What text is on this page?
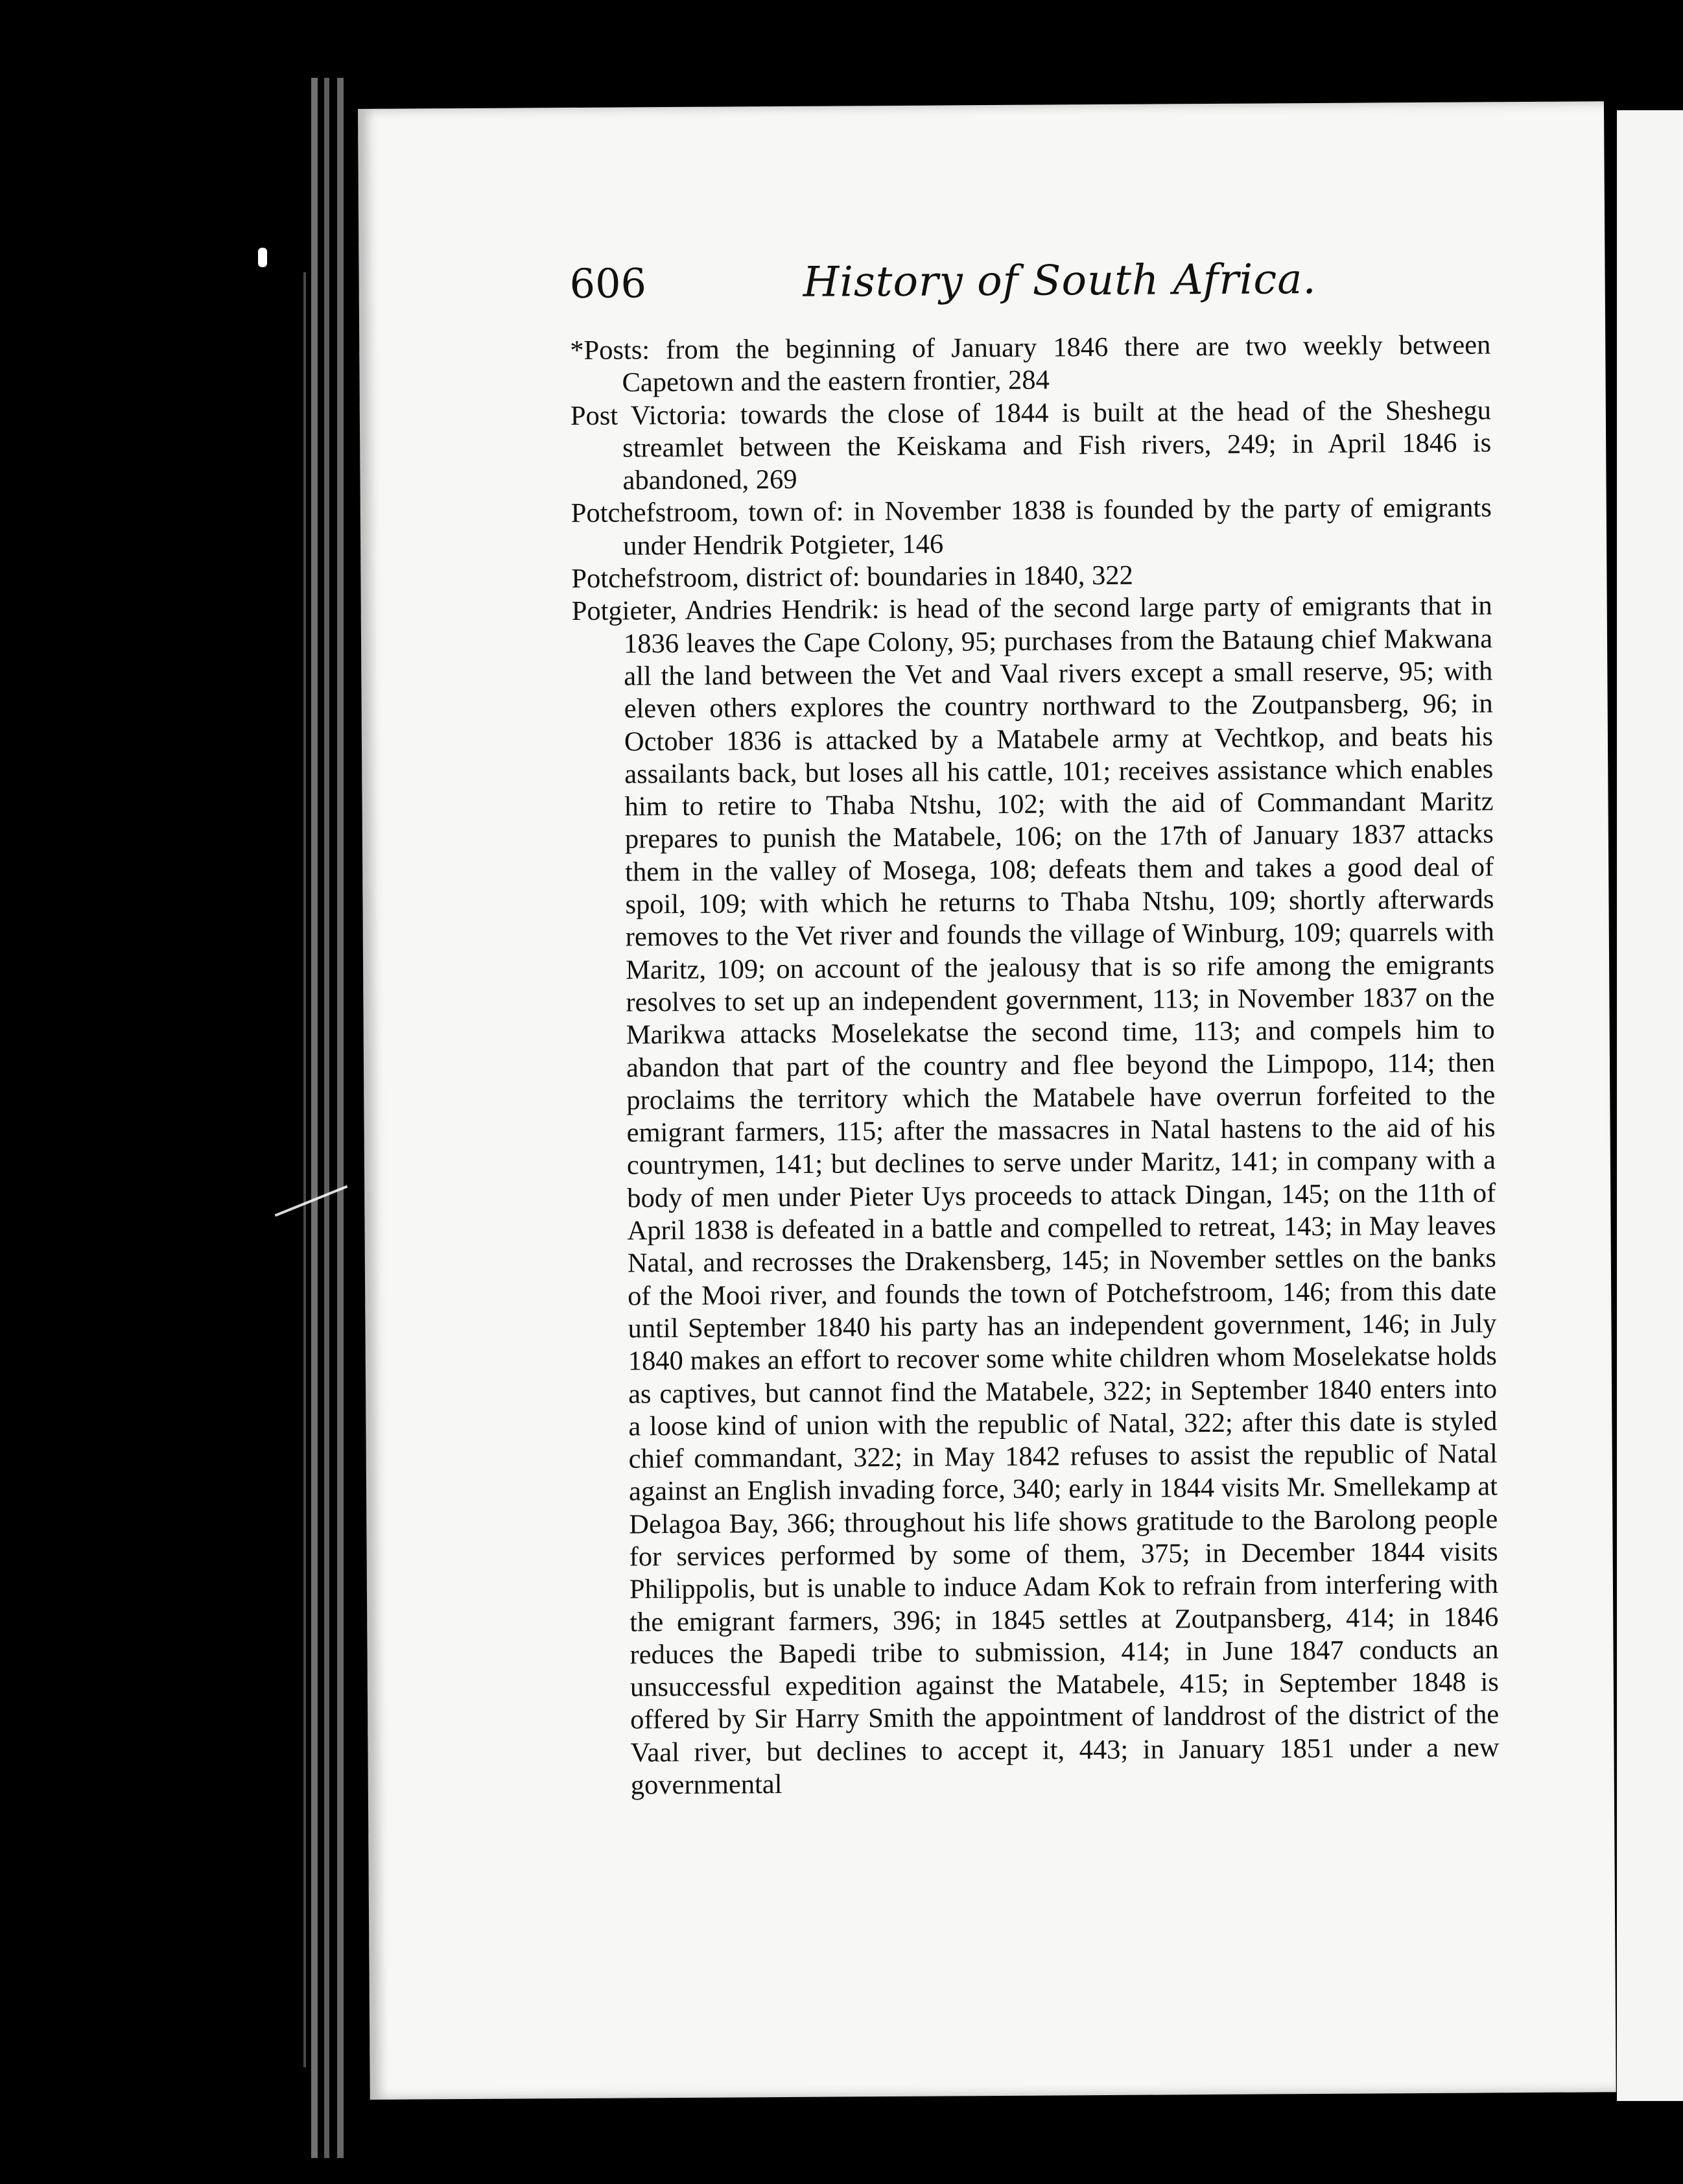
606	History of South Africa.

*Posts: from the beginning of January 1846 there are two weekly between Capetown and the eastern frontier, 284

Post Victoria: towards the close of 1844 is built at the head of the Sheshegu streamlet between the Keiskama and Fish rivers, 249; in April 1846 is abandoned, 269

Potchefstroom, town of: in November 1838 is founded by the party of emigrants under Hendrik Potgieter, 146

Potchefstroom, district of: boundaries in 1840, 322

Potgieter, Andries Hendrik: is head of the second large party of emigrants that in 1836 leaves the Cape Colony, 95; purchases from the Bataung chief Makwana all the land between the Vet and Vaal rivers except a small reserve, 95; with eleven others explores the country northward to the Zoutpansberg, 96; in October 1836 is attacked by a Matabele army at Vechtkop, and beats his assailants back, but loses all his cattle, 101; receives assistance which enables him to retire to Thaba Ntshu, 102; with the aid of Commandant Maritz prepares to punish the Matabele, 106; on the 17th of January 1837 attacks them in the valley of Mosega, 108; defeats them and takes a good deal of spoil, 109; with which he returns to Thaba Ntshu, 109; shortly afterwards removes to the Vet river and founds the village of Winburg, 109; quarrels with Maritz, 109; on account of the jealousy that is so rife among the emigrants resolves to set up an independent government, 113; in November 1837 on the Marikwa attacks Moselekatse the second time, 113; and compels him to abandon that part of the country and flee beyond the Limpopo, 114; then proclaims the territory which the Matabele have overrun forfeited to the emigrant farmers, 115; after the massacres in Natal hastens to the aid of his countrymen, 141; but declines to serve under Maritz, 141; in company with a body of men under Pieter Uys proceeds to attack Dingan, 145; on the 11th of April 1838 is defeated in a battle and compelled to retreat, 143; in May leaves Natal, and recrosses the Drakensberg, 145; in November settles on the banks of the Mooi river, and founds the town of Potchefstroom, 146; from this date until September 1840 his party has an independent government, 146; in July 1840 makes an effort to recover some white children whom Moselekatse holds as captives, but cannot find the Matabele, 322; in September 1840 enters into a loose kind of union with the republic of Natal, 322; after this date is styled chief commandant, 322; in May 1842 refuses to assist the republic of Natal against an English invading force, 340; early in 1844 visits Mr. Smellekamp at Delagoa Bay, 366; throughout his life shows gratitude to the Barolong people for services performed by some of them, 375; in December 1844 visits Philippolis, but is unable to induce Adam Kok to refrain from interfering with the emigrant farmers, 396; in 1845 settles at Zoutpansberg, 414; in 1846 reduces the Bapedi tribe to submission, 414; in June 1847 conducts an unsuccessful expedition against the Matabele, 415; in September 1848 is offered by Sir Harry Smith the appointment of landdrost of the district of the Vaal river, but declines to accept it, 443; in January 1851 under a new governmental
